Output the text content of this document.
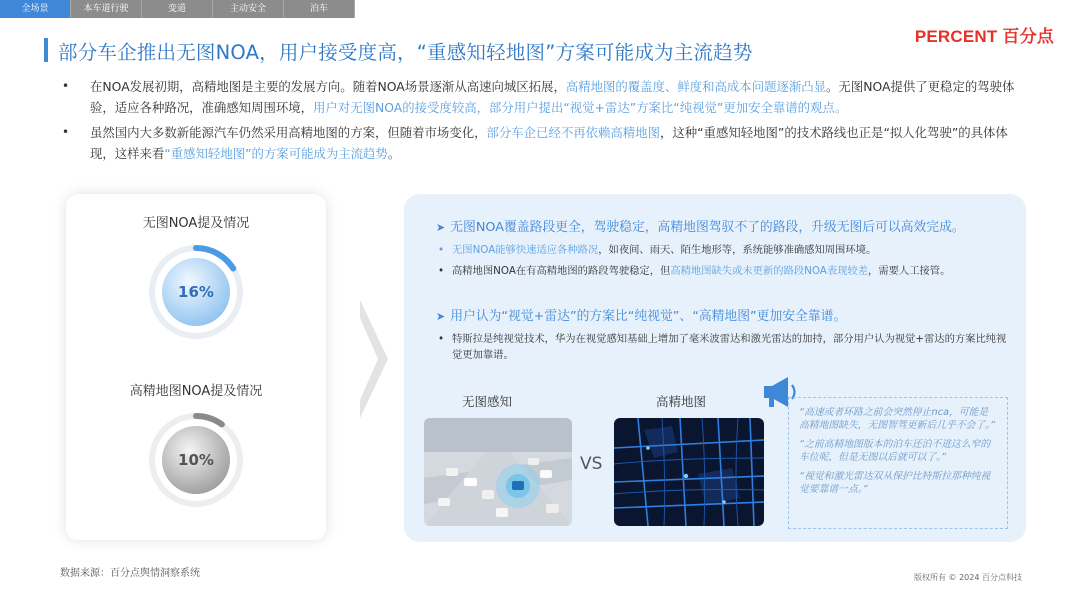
全场景	本车道行驶	变道	主动安全	泊车
PERCENT 百分点
部分车企推出无图NOA，用户接受度高，“重感知轻地图”方案可能成为主流趋势
• 在NOA发展初期，高精地图是主要的发展方向。随着NOA场景逐渐从高速向城区拓展，高精地图的覆盖度、鲜度和高成本问题逐渐凸显。无图NOA提供了更稳定的驾驶体验，适应各种路况，准确感知周围环境，用户对无图NOA的接受度较高，部分用户提出“视觉+雷达”方案比“纯视觉”更加安全靠谱的观点。
• 虽然国内大多数新能源汽车仍然采用高精地图的方案，但随着市场变化，部分车企已经不再依赖高精地图，这种“重感知轻地图”的技术路线也正是“拟人化驾驶”的具体体现，这样来看“重感知轻地图”的方案可能成为主流趋势。
无图NOA提及情况
16%
高精地图NOA提及情况
10%
➤ 无图NOA覆盖路段更全，驾驶稳定，高精地图驾驭不了的路段，升级无图后可以高效完成。
• 无图NOA能够快速适应各种路况，如夜间、雨天、陌生地形等，系统能够准确感知周围环境。
• 高精地图NOA在有高精地图的路段驾驶稳定，但高精地图缺失或未更新的路段NOA表现较差，需要人工接管。
➤ 用户认为“视觉+雷达”的方案比“纯视觉”、“高精地图”更加安全靠谱。
• 特斯拉是纯视觉技术，华为在视觉感知基础上增加了毫米波雷达和激光雷达的加持，部分用户认为视觉+雷达的方案比纯视觉更加靠谱。
无图感知	高精地图
VS
“高速或者环路之前会突然停止nca，可能是高精地图缺失，无图智驾更新后几乎不会了。”
“之前高精地图版本的泊车还泊不进这么窄的车位呢，但是无图以后就可以了。”
“视觉和激光雷达双从保护比特斯拉那种纯视觉要靠谱一点。”
数据来源：百分点舆情洞察系统	版权所有 © 2024 百分点科技
